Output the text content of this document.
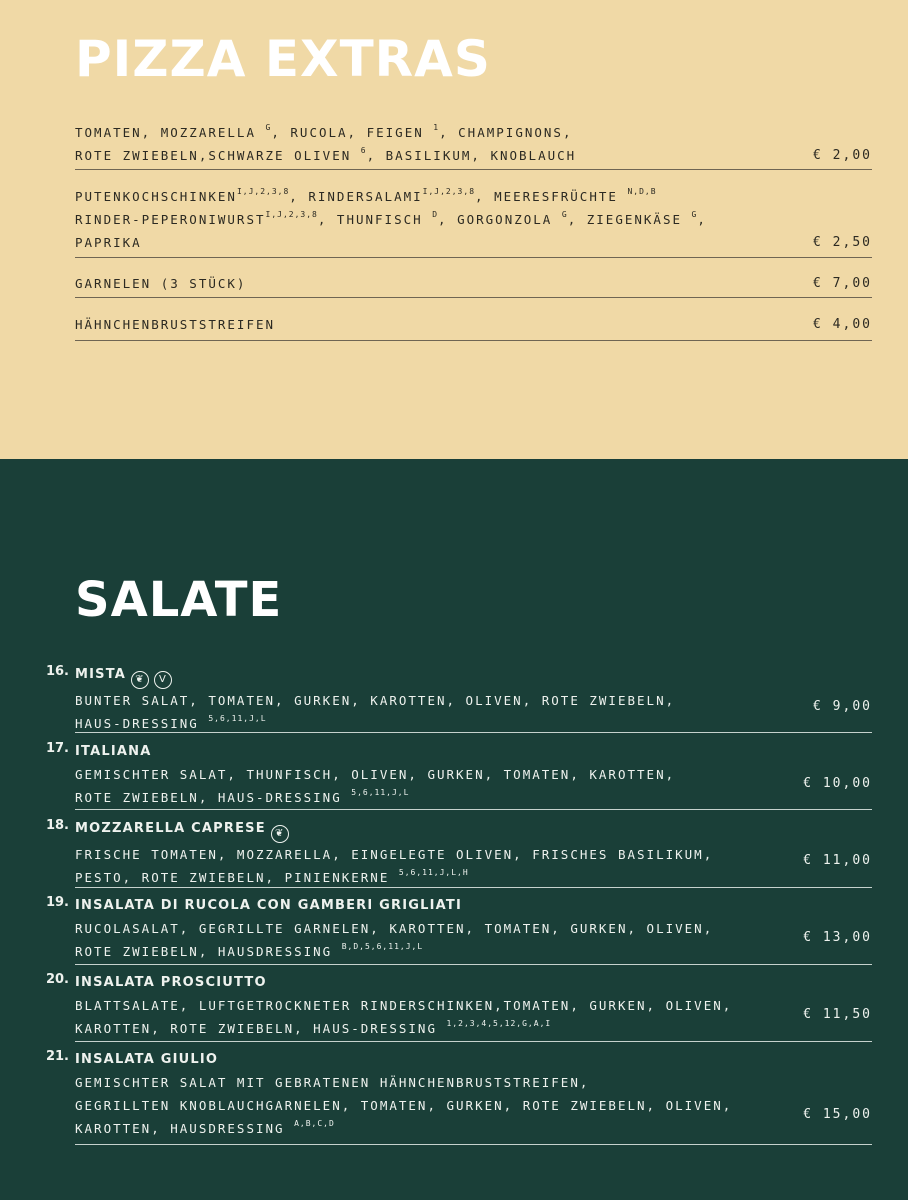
PIZZA EXTRAS
TOMATEN, MOZZARELLA $^G$, RUCOLA, FEIGEN $^1$, CHAMPIGNONS,
ROTE ZWIEBELN,SCHWARZE OLIVEN $^6$, BASILIKUM, KNOBLAUCH	€ 2,00
$PUTENKOCHSCHINKEN^{I,J,2,3,8}$, $RINDERSALAMI^{I,J,2,3,8}$, MEERESFRÜCHTE $^{N,D,B}$
RINDER-$PEPERONIWURST^{I,J,2,3,8}$, THUNFISCH $^D$, GORGONZOLA $^G$, ZIEGENKÄSE $^G$,
PAPRIKA	€ 2,50
GARNELEN (3 STÜCK)	€ 7,00
HÄHNCHENBRUSTSTREIFEN	€ 4,00
SALATE
16. MISTA ❦ V
BUNTER SALAT, TOMATEN, GURKEN, KAROTTEN, OLIVEN, ROTE ZWIEBELN,
HAUS-DRESSING $^{5,6,11,J,L}$
€ 9,00
17. ITALIANA
GEMISCHTER SALAT, THUNFISCH, OLIVEN, GURKEN, TOMATEN, KAROTTEN,
ROTE ZWIEBELN, HAUS-DRESSING $^{5,6,11,J,L}$
€ 10,00
18. MOZZARELLA CAPRESE ❦
FRISCHE TOMATEN, MOZZARELLA, EINGELEGTE OLIVEN, FRISCHES BASILIKUM,
PESTO, ROTE ZWIEBELN, PINIENKERNE $^{5,6,11,J,L,H}$
€ 11,00
19. INSALATA DI RUCOLA CON GAMBERI GRIGLIATI
RUCOLASALAT, GEGRILLTE GARNELEN, KAROTTEN, TOMATEN, GURKEN, OLIVEN,
ROTE ZWIEBELN, HAUSDRESSING $^{B,D,5,6,11,J,L}$
€ 13,00
20. INSALATA PROSCIUTTO
BLATTSALATE, LUFTGETROCKNETER RINDERSCHINKEN,TOMATEN, GURKEN, OLIVEN,
KAROTTEN, ROTE ZWIEBELN, HAUS-DRESSING $^{1,2,3,4,5,12,G,A,I}$
€ 11,50
21. INSALATA GIULIO
GEMISCHTER SALAT MIT GEBRATENEN HÄHNCHENBRUSTSTREIFEN,
GEGRILLTEN KNOBLAUCHGARNELEN, TOMATEN, GURKEN, ROTE ZWIEBELN, OLIVEN,
KAROTTEN, HAUSDRESSING $^{A,B,C,D}$
€ 15,00
